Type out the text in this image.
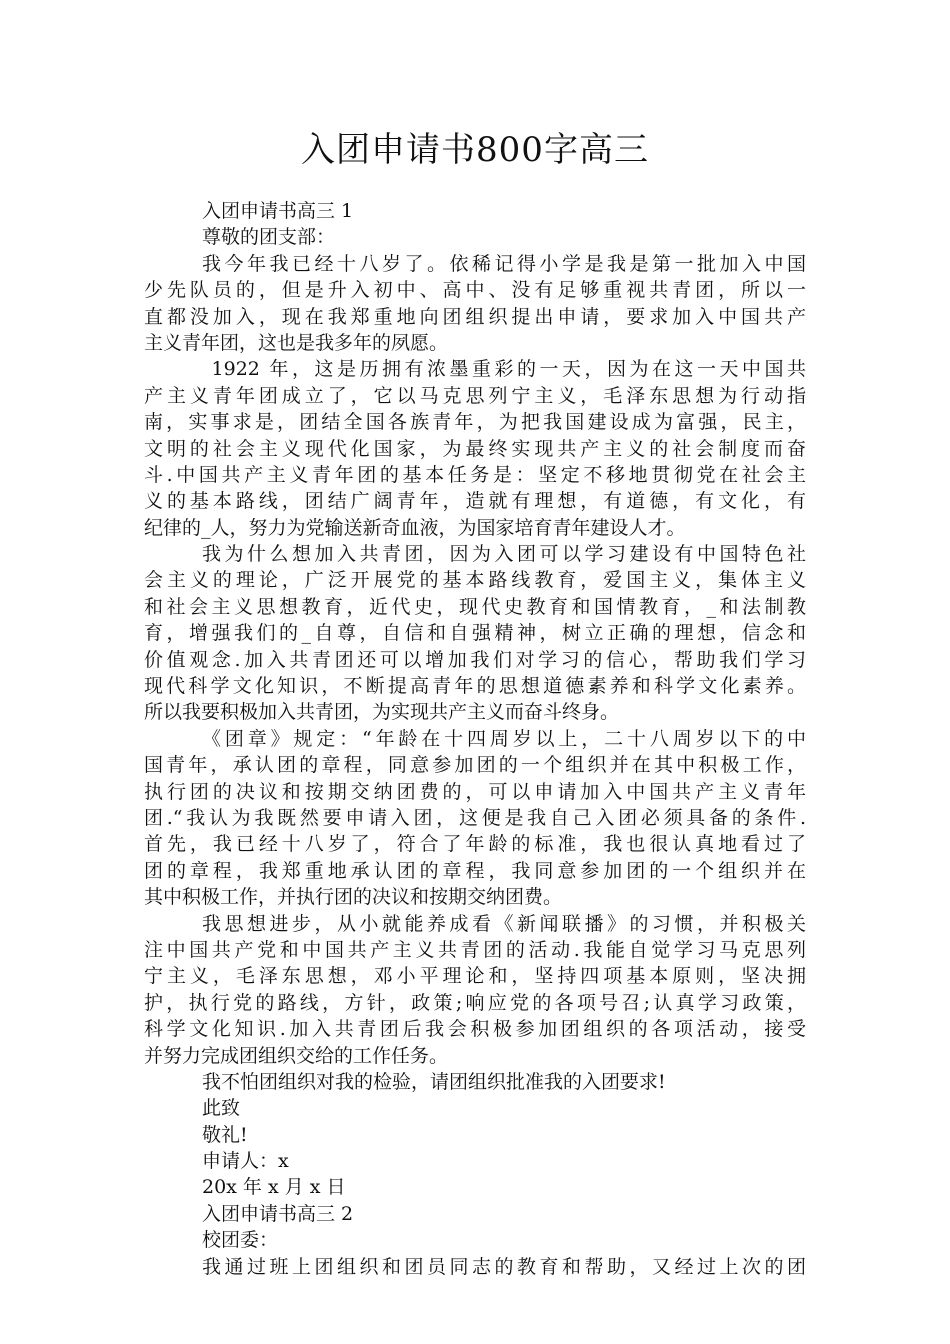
入团申请书800字高三
入团申请书高三 1
尊敬的团支部：
我今年我已经十八岁了。依稀记得小学是我是第一批加入中国
少先队员的，但是升入初中、高中、没有足够重视共青团，所以一
直都没加入，现在我郑重地向团组织提出申请，要求加入中国共产
主义青年团，这也是我多年的夙愿。
1922 年，这是历拥有浓墨重彩的一天，因为在这一天中国共
产主义青年团成立了，它以马克思列宁主义，毛泽东思想为行动指
南，实事求是，团结全国各族青年，为把我国建设成为富强，民主，
文明的社会主义现代化国家，为最终实现共产主义的社会制度而奋
斗.中国共产主义青年团的基本任务是：坚定不移地贯彻党在社会主
义的基本路线，团结广阔青年，造就有理想，有道德，有文化，有
纪律的_人，努力为党输送新奇血液，为国家培育青年建设人才。
我为什么想加入共青团，因为入团可以学习建设有中国特色社
会主义的理论，广泛开展党的基本路线教育，爱国主义，集体主义
和社会主义思想教育，近代史，现代史教育和国情教育，_和法制教
育，增强我们的_自尊，自信和自强精神，树立正确的理想，信念和
价值观念.加入共青团还可以增加我们对学习的信心，帮助我们学习
现代科学文化知识，不断提高青年的思想道德素养和科学文化素养。
所以我要积极加入共青团，为实现共产主义而奋斗终身。
《团章》规定：“年龄在十四周岁以上，二十八周岁以下的中
国青年，承认团的章程，同意参加团的一个组织并在其中积极工作，
执行团的决议和按期交纳团费的，可以申请加入中国共产主义青年
团.“我认为我既然要申请入团，这便是我自己入团必须具备的条件.
首先，我已经十八岁了，符合了年龄的标准，我也很认真地看过了
团的章程，我郑重地承认团的章程，我同意参加团的一个组织并在
其中积极工作，并执行团的决议和按期交纳团费。
我思想进步，从小就能养成看《新闻联播》的习惯，并积极关
注中国共产党和中国共产主义共青团的活动.我能自觉学习马克思列
宁主义，毛泽东思想，邓小平理论和，坚持四项基本原则，坚决拥
护，执行党的路线，方针，政策;响应党的各项号召;认真学习政策，
科学文化知识.加入共青团后我会积极参加团组织的各项活动，接受
并努力完成团组织交给的工作任务。
我不怕团组织对我的检验，请团组织批准我的入团要求!
此致
敬礼!
申请人：x
20x 年 x 月 x 日
入团申请书高三 2
校团委：
我通过班上团组织和团员同志的教育和帮助，又经过上次的团
